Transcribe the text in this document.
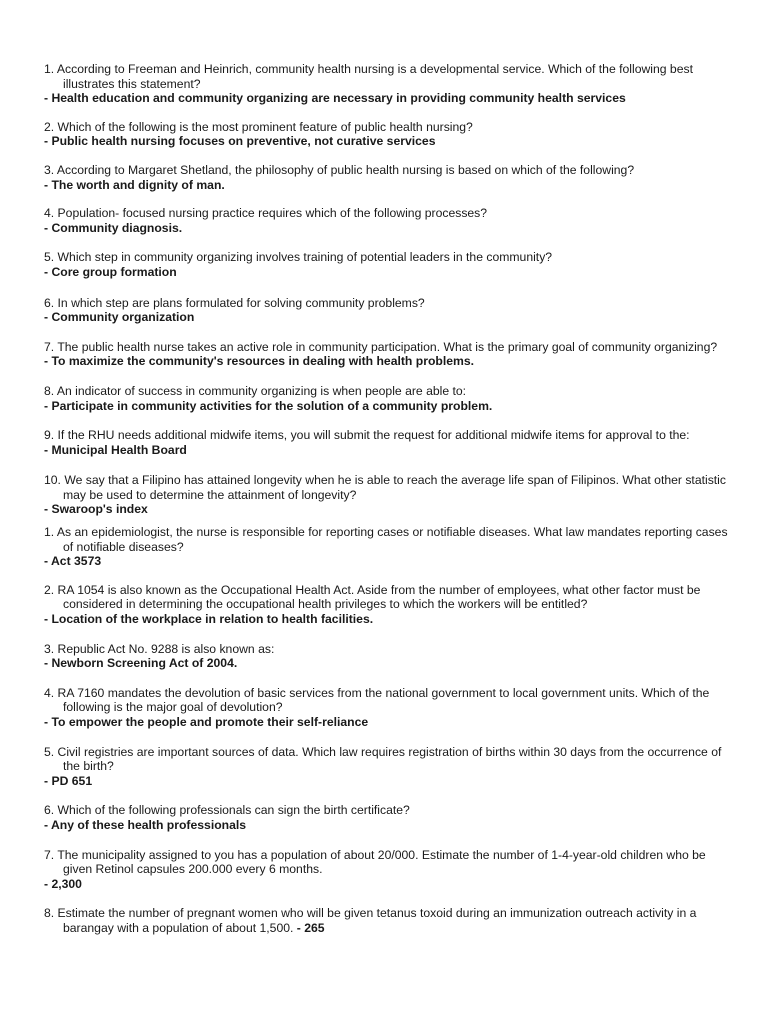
1. According to Freeman and Heinrich, community health nursing is a developmental service. Which of the following best illustrates this statement?
- Health education and community organizing are necessary in providing community health services
2. Which of the following is the most prominent feature of public health nursing?
- Public health nursing focuses on preventive, not curative services
3. According to Margaret Shetland, the philosophy of public health nursing is based on which of the following?
- The worth and dignity of man.
4. Population- focused nursing practice requires which of the following processes?
- Community diagnosis.
5. Which step in community organizing involves training of potential leaders in the community?
- Core group formation
6. In which step are plans formulated for solving community problems?
- Community organization
7. The public health nurse takes an active role in community participation. What is the primary goal of community organizing?
- To maximize the community's resources in dealing with health problems.
8. An indicator of success in community organizing is when people are able to:
- Participate in community activities for the solution of a community problem.
9. If the RHU needs additional midwife items, you will submit the request for additional midwife items for approval to the:
- Municipal Health Board
10. We say that a Filipino has attained longevity when he is able to reach the average life span of Filipinos. What other statistic may be used to determine the attainment of longevity?
- Swaroop's index
1. As an epidemiologist, the nurse is responsible for reporting cases or notifiable diseases. What law mandates reporting cases of notifiable diseases?
- Act 3573
2. RA 1054 is also known as the Occupational Health Act. Aside from the number of employees, what other factor must be considered in determining the occupational health privileges to which the workers will be entitled?
- Location of the workplace in relation to health facilities.
3. Republic Act No. 9288 is also known as:
- Newborn Screening Act of 2004.
4. RA 7160 mandates the devolution of basic services from the national government to local government units. Which of the following is the major goal of devolution?
- To empower the people and promote their self-reliance
5. Civil registries are important sources of data. Which law requires registration of births within 30 days from the occurrence of the birth?
- PD 651
6. Which of the following professionals can sign the birth certificate?
- Any of these health professionals
7. The municipality assigned to you has a population of about 20/000. Estimate the number of 1-4-year-old children who be given Retinol capsules 200.000 every 6 months.
- 2,300
8. Estimate the number of pregnant women who will be given tetanus toxoid during an immunization outreach activity in a barangay with a population of about 1,500. - 265
